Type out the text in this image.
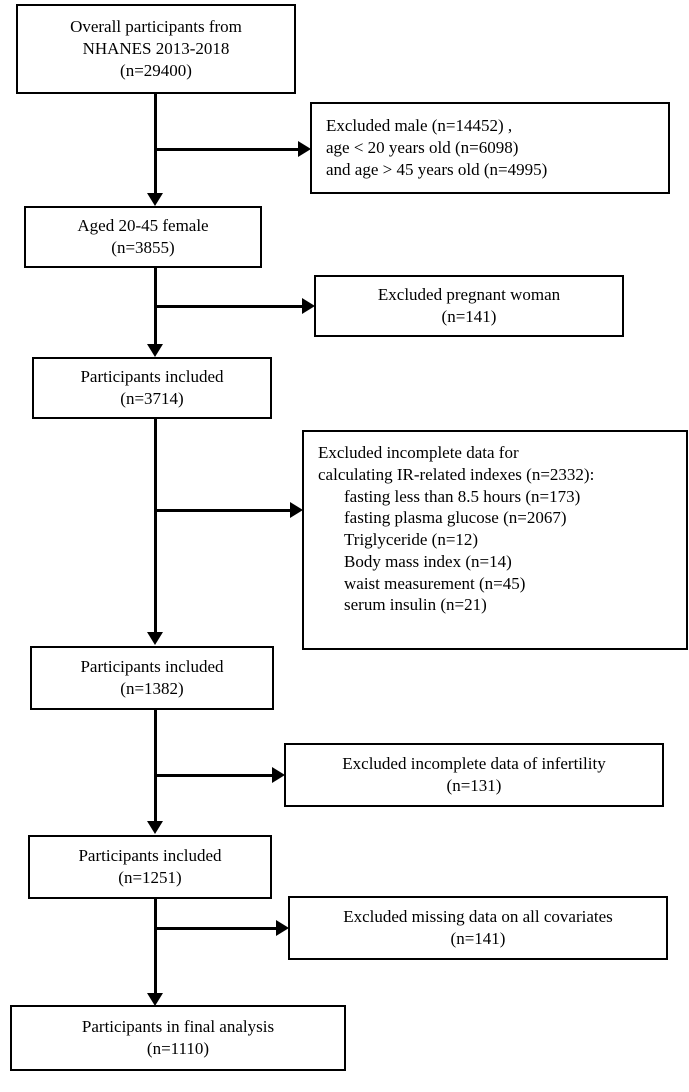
Overall participants from
NHANES 2013-2018
(n=29400)
Excluded male (n=14452) ,
age < 20 years old (n=6098)
and age > 45 years old (n=4995)
Aged 20-45 female
(n=3855)
Excluded pregnant woman
(n=141)
Participants included
(n=3714)
Excluded incomplete data for
calculating IR-related indexes (n=2332):
fasting less than 8.5 hours (n=173)
fasting plasma glucose (n=2067)
Triglyceride (n=12)
Body mass index (n=14)
waist measurement (n=45)
serum insulin (n=21)
Participants included
(n=1382)
Excluded incomplete data of infertility
(n=131)
Participants included
(n=1251)
Excluded missing data on all covariates
(n=141)
Participants in final analysis
(n=1110)
